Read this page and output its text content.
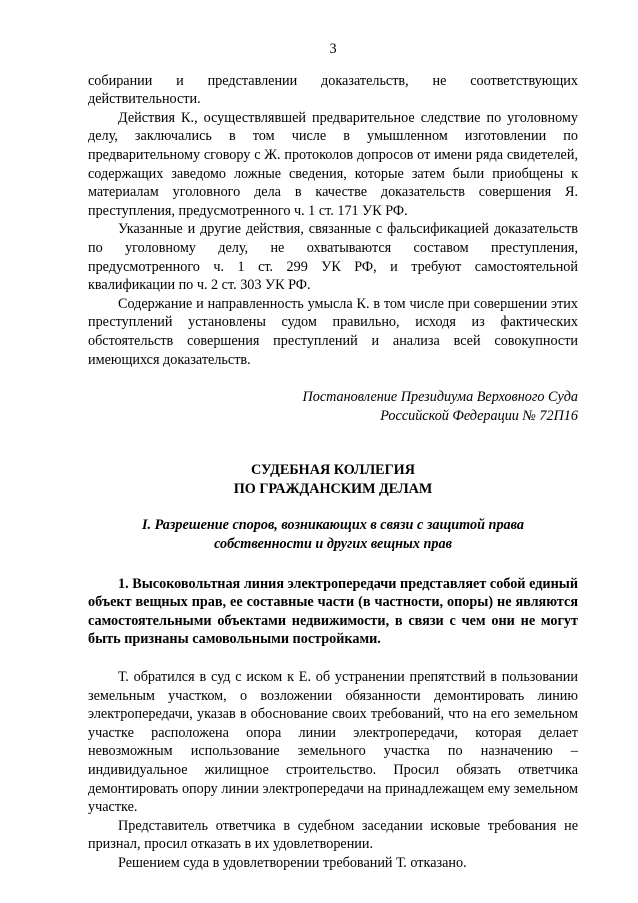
3

собирании и представлении доказательств, не соответствующих действительности.

Действия К., осуществлявшей предварительное следствие по уголовному делу, заключались в том числе в умышленном изготовлении по предварительному сговору с Ж. протоколов допросов от имени ряда свидетелей, содержащих заведомо ложные сведения, которые затем были приобщены к материалам уголовного дела в качестве доказательств совершения Я. преступления, предусмотренного ч. 1 ст. 171 УК РФ.

Указанные и другие действия, связанные с фальсификацией доказательств по уголовному делу, не охватываются составом преступления, предусмотренного ч. 1 ст. 299 УК РФ, и требуют самостоятельной квалификации по ч. 2 ст. 303 УК РФ.

Содержание и направленность умысла К. в том числе при совершении этих преступлений установлены судом правильно, исходя из фактических обстоятельств совершения преступлений и анализа всей совокупности имеющихся доказательств.

Постановление Президиума Верховного Суда
Российской Федерации № 72П16
СУДЕБНАЯ КОЛЛЕГИЯ
ПО ГРАЖДАНСКИМ ДЕЛАМ
I. Разрешение споров, возникающих в связи с защитой права
собственности и других вещных прав

1. Высоковольтная линия электропередачи представляет собой единый объект вещных прав, ее составные части (в частности, опоры) не являются самостоятельными объектами недвижимости, в связи с чем они не могут быть признаны самовольными постройками.

Т. обратился в суд с иском к Е. об устранении препятствий в пользовании земельным участком, о возложении обязанности демонтировать линию электропередачи, указав в обоснование своих требований, что на его земельном участке расположена опора линии электропередачи, которая делает невозможным использование земельного участка по назначению – индивидуальное жилищное строительство. Просил обязать ответчика демонтировать опору линии электропередачи на принадлежащем ему земельном участке.

Представитель ответчика в судебном заседании исковые требования не признал, просил отказать в их удовлетворении.

Решением суда в удовлетворении требований Т. отказано.
